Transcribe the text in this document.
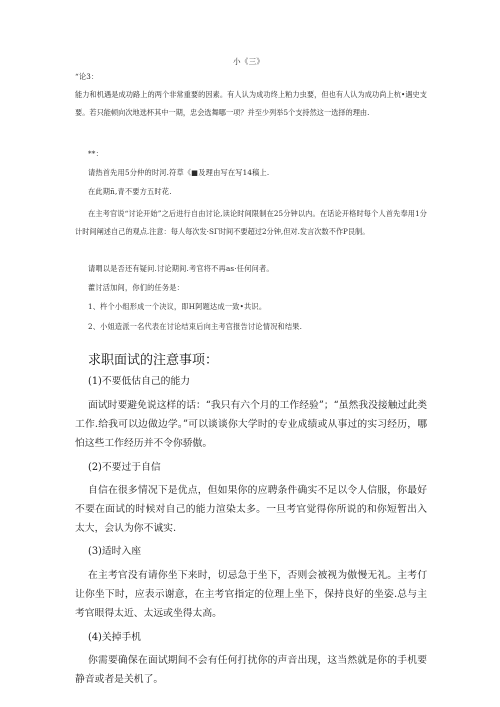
小《三》
“论3：
能力和机遇是成功路上的两个非常重要的因素。有人认为成功终上粕力虫要，但也有人认为成功尚上杭•遇史支要。若只能顿向次地选杯其中一期，忠会选舞哪一项？并至少列举5个支持然这一选择的理由.
**：
请热首先用5分仲的时河.符草《■及理由写在写14稿上.
在此期ñ,青不要方五时花.
在主考官说“讨论开始”之后进行自由讨论,读论时间限制在25分钟以内。在话论开格时每个人首先奉用1分计时间阐述自己的观点.注意：每人每次发·SΓ时间不要超过2分钟,但对.发言次数不作P艮制。
请喟以是否还有疑问.讨论期间.考官将不再as·任何问者。
藿讨活加间，你们的任务是：
1、杵个小组形成一个决议，即H阿题达成一致•共识。
2、小姐造派一名代表在讨论结束后向主考官报告讨论情况和结果.
求职面试的注意事项：
(1)不要低估自己的能力
面试时要避免说这样的话：“我只有六个月的工作经验”；“虽然我没接触过此类工作.给我可以边做边学。”可以谈谈你大学时的专业成绩或从事过的实习经历，哪怕这些工作经历并不令你骄傲。
(2)不要过于自信
自信在很多情况下是优点，但如果你的应聘条件确实不足以令人信服，你最好不要在面试的时候对自己的能力渲染太多。一旦考官觉得你所说的和你短暂出入太大，会认为你不诚实.
(3)适时入座
在主考官没有请你坐下来时，切忌急于坐下，否则会被视为傲慢无礼。主考仃让你坐下时，应表示谢意，在主考官指定的位理上坐下，保持良好的坐姿.总与主考官眼得太近、太远或坐得太高。
(4)关掉手机
你需要确保在面试期间不会有任何打扰你的声音出现，这当然就是你的手机要静音或者是关机了。
